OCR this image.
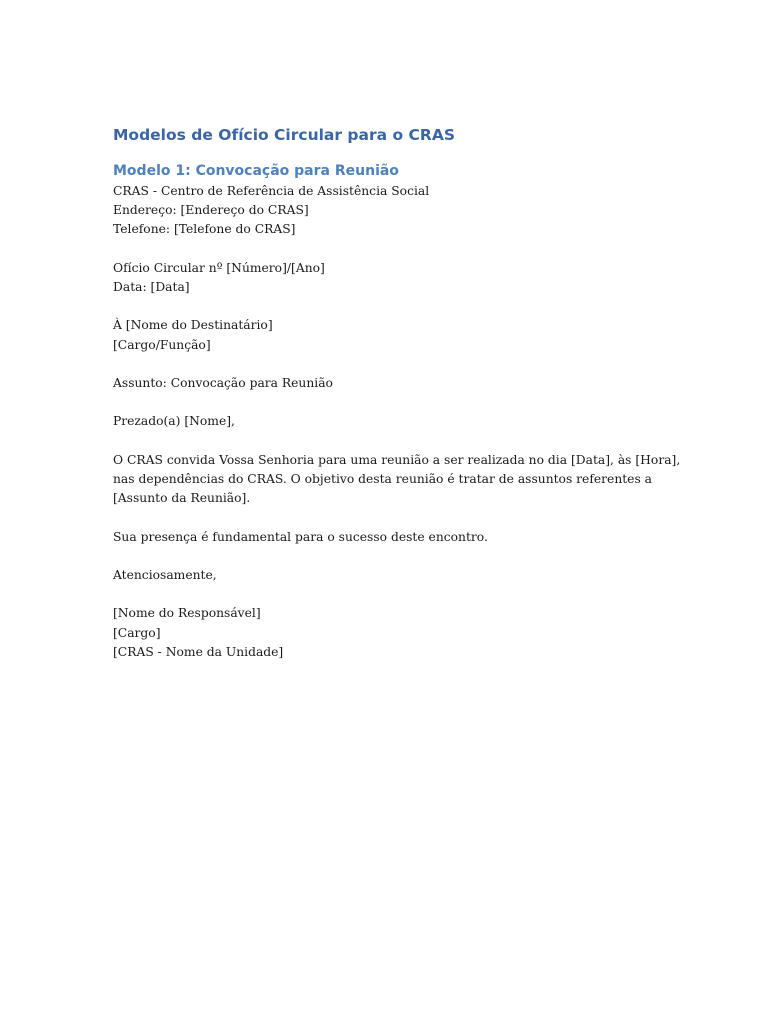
Modelos de Ofício Circular para o CRAS
Modelo 1: Convocação para Reunião

CRAS - Centro de Referência de Assistência Social
Endereço: [Endereço do CRAS]
Telefone: [Telefone do CRAS]

Ofício Circular nº [Número]/[Ano]
Data: [Data]

À [Nome do Destinatário]
[Cargo/Função]

Assunto: Convocação para Reunião

Prezado(a) [Nome],

O CRAS convida Vossa Senhoria para uma reunião a ser realizada no dia [Data], às [Hora],
nas dependências do CRAS. O objetivo desta reunião é tratar de assuntos referentes a
[Assunto da Reunião].

Sua presença é fundamental para o sucesso deste encontro.

Atenciosamente,

[Nome do Responsável]
[Cargo]
[CRAS - Nome da Unidade]
